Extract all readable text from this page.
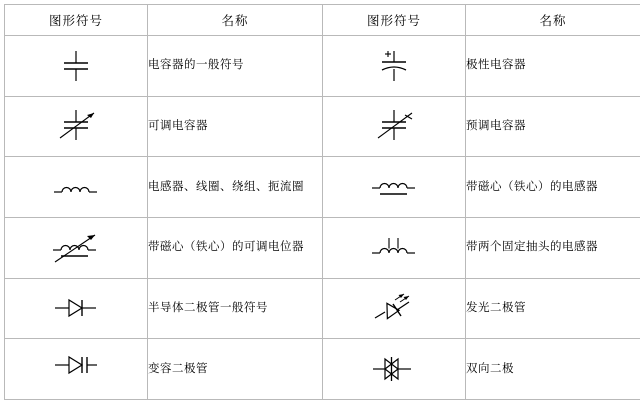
图形符号	名称	图形符号	名称

	电容器的一般符号		极性电容器

	可调电容器		预调电容器

	电感器、线圈、绕组、扼流圈		带磁心（铁心）的电感器

	带磁心（铁心）的可调电位器		带两个固定抽头的电感器

	半导体二极管一般符号		发光二极管

	变容二极管		双向二极
